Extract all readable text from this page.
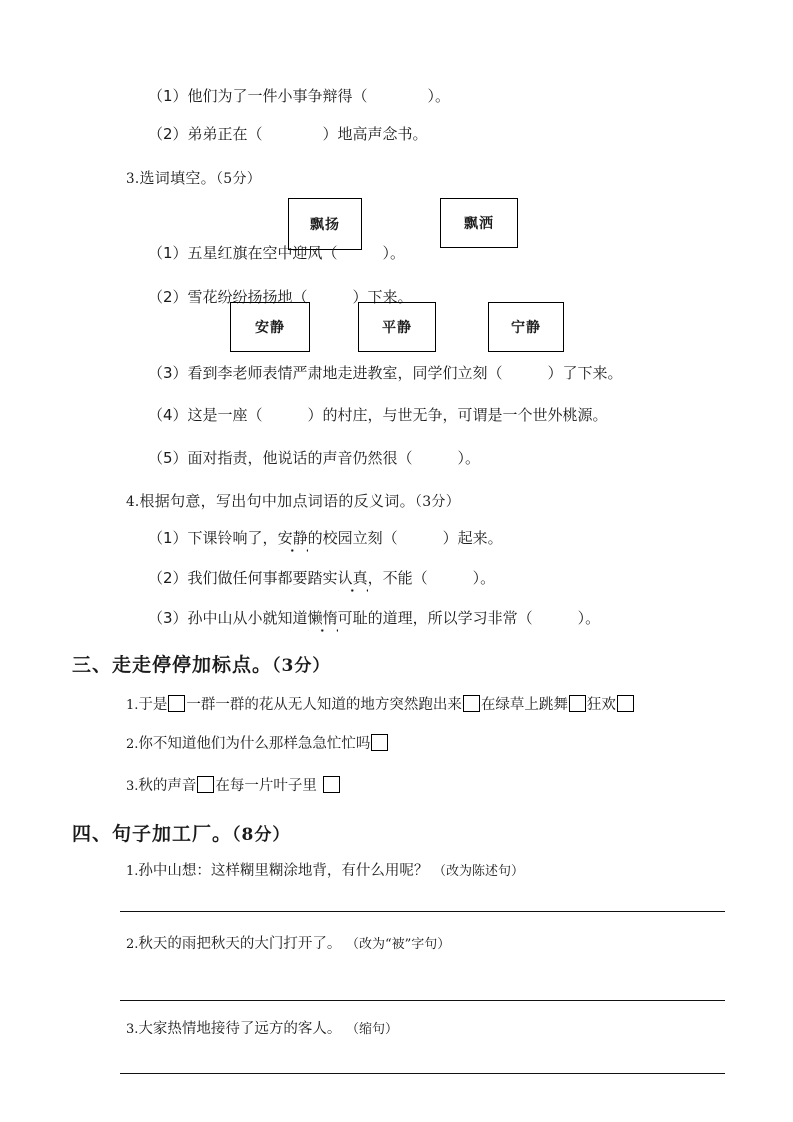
（1）他们为了一件小事争辩得（　　　　）。
（2）弟弟正在（　　　　）地高声念书。
3.选词填空。（5分）
飘扬	飘洒
（1）五星红旗在空中迎风（　　　）。
（2）雪花纷纷扬扬地（　　　）下来。
安静	平静	宁静
（3）看到李老师表情严肃地走进教室，同学们立刻（　　　）了下来。
（4）这是一座（　　　）的村庄，与世无争，可谓是一个世外桃源。
（5）面对指责，他说话的声音仍然很（　　　）。
4.根据句意，写出句中加点词语的反义词。（3分）
（1）下课铃响了，安静的校园立刻（　　　）起来。
（2）我们做任何事都要踏实认真，不能（　　　）。
（3）孙中山从小就知道懒惰可耻的道理，所以学习非常（　　　）。
三、走走停停加标点。（3分）
1.于是 一群一群的花从无人知道的地方突然跑出来 在绿草上跳舞 狂欢
2.你不知道他们为什么那样急急忙忙吗
3.秋的声音 在每一片叶子里
四、句子加工厂。（8分）
1.孙中山想：这样糊里糊涂地背，有什么用呢？ （改为陈述句）
2.秋天的雨把秋天的大门打开了。 （改为“被”字句）
3.大家热情地接待了远方的客人。 （缩句）
